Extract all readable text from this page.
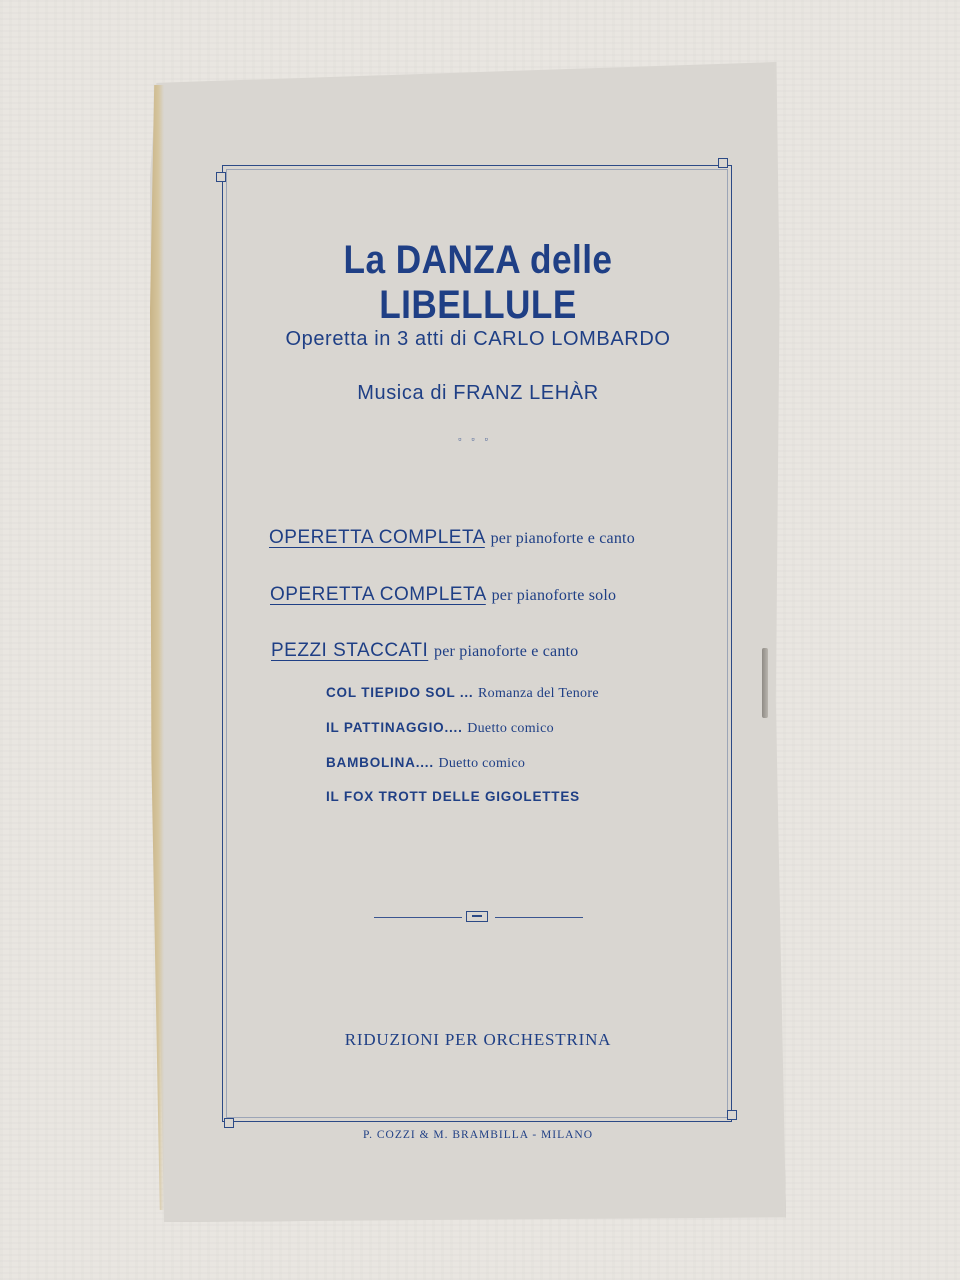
La DANZA delle LIBELLULE
Operetta in 3 atti di CARLO LOMBARDO
Musica di FRANZ LEHÀR
▫▫▫
OPERETTA COMPLETA per pianoforte e canto
OPERETTA COMPLETA per pianoforte solo
PEZZI STACCATI per pianoforte e canto
COL TIEPIDO SOL ... Romanza del Tenore
IL PATTINAGGIO.... Duetto comico
BAMBOLINA.... Duetto comico
IL FOX TROTT DELLE GIGOLETTES
RIDUZIONI PER ORCHESTRINA
P. COZZI & M. BRAMBILLA - MILANO
